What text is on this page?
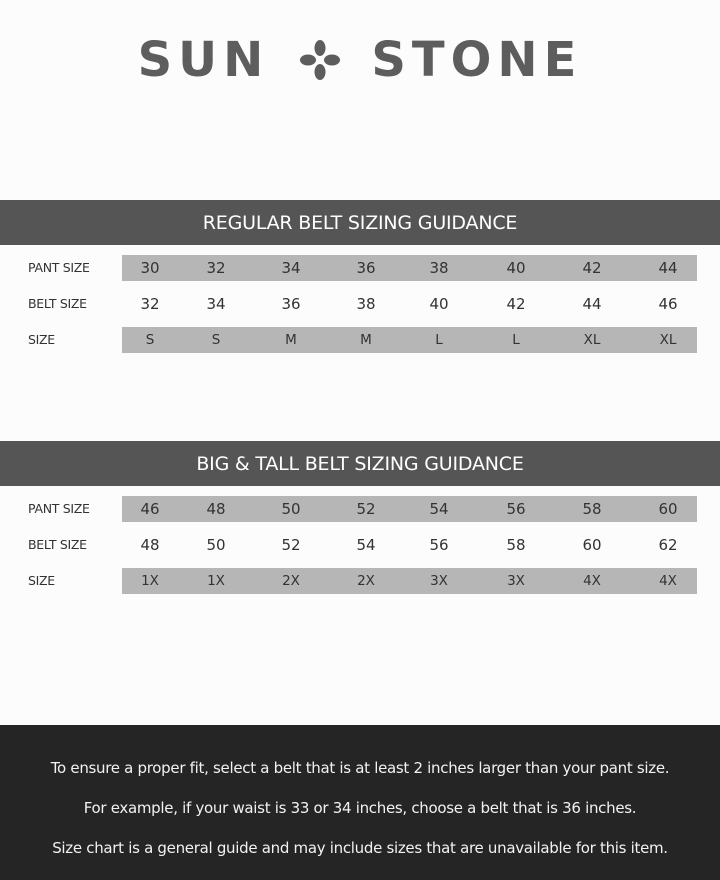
SUN STONE
REGULAR BELT SIZING GUIDANCE
PANT SIZE	30	32	34	36	38	40	42	44
BELT SIZE	32	34	36	38	40	42	44	46
SIZE	S	S	M	M	L	L	XL	XL
BIG & TALL BELT SIZING GUIDANCE
PANT SIZE	46	48	50	52	54	56	58	60
BELT SIZE	48	50	52	54	56	58	60	62
SIZE	1X	1X	2X	2X	3X	3X	4X	4X
To ensure a proper fit, select a belt that is at least 2 inches larger than your pant size.
For example, if your waist is 33 or 34 inches, choose a belt that is 36 inches.
Size chart is a general guide and may include sizes that are unavailable for this item.
